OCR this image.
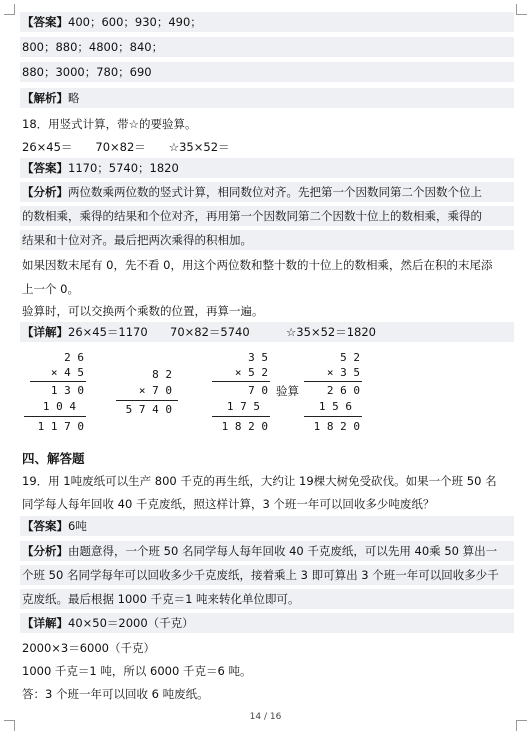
【答案】400；600；930；490；
800；880；4800；840；
880；3000；780；690
【解析】略
18．用竖式计算，带☆的要验算。
26×45＝　　70×82＝　　☆35×52＝
【答案】1170；5740；1820
【分析】两位数乘两位数的竖式计算，相同数位对齐。先把第一个因数同第二个因数个位上
的数相乘，乘得的结果和个位对齐，再用第一个因数同第二个因数十位上的数相乘，乘得的
结果和十位对齐。最后把两次乘得的积相加。
如果因数末尾有 0，先不看 0，用这个两位数和整十数的十位上的数相乘，然后在积的末尾添
上一个 0。
验算时，可以交换两个乘数的位置，再算一遍。
【详解】26×45＝1170 70×82＝5740	☆35×52＝1820
2 6
× 4 5
1 3 0
1 0 4
1 1 7 0
8 2
× 7 0
5 7 4 0
3 5
× 5 2
7 0
1 7 5
1 8 2 0
验算
5 2
× 3 5
2 6 0
1 5 6
1 8 2 0
四、解答题
19．用 1吨废纸可以生产 800 千克的再生纸，大约让 19棵大树免受砍伐。如果一个班 50 名
同学每人每年回收 40 千克废纸，照这样计算，3 个班一年可以回收多少吨废纸？
【答案】6吨
【分析】由题意得，一个班 50 名同学每人每年回收 40 千克废纸，可以先用 40乘 50 算出一
个班 50 名同学每年可以回收多少千克废纸，接着乘上 3 即可算出 3 个班一年可以回收多少千
克废纸。最后根据 1000 千克＝1 吨来转化单位即可。
【详解】40×50＝2000（千克）
2000×3＝6000（千克）
1000 千克＝1 吨，所以 6000 千克＝6 吨。
答：3 个班一年可以回收 6 吨废纸。
14 / 16
